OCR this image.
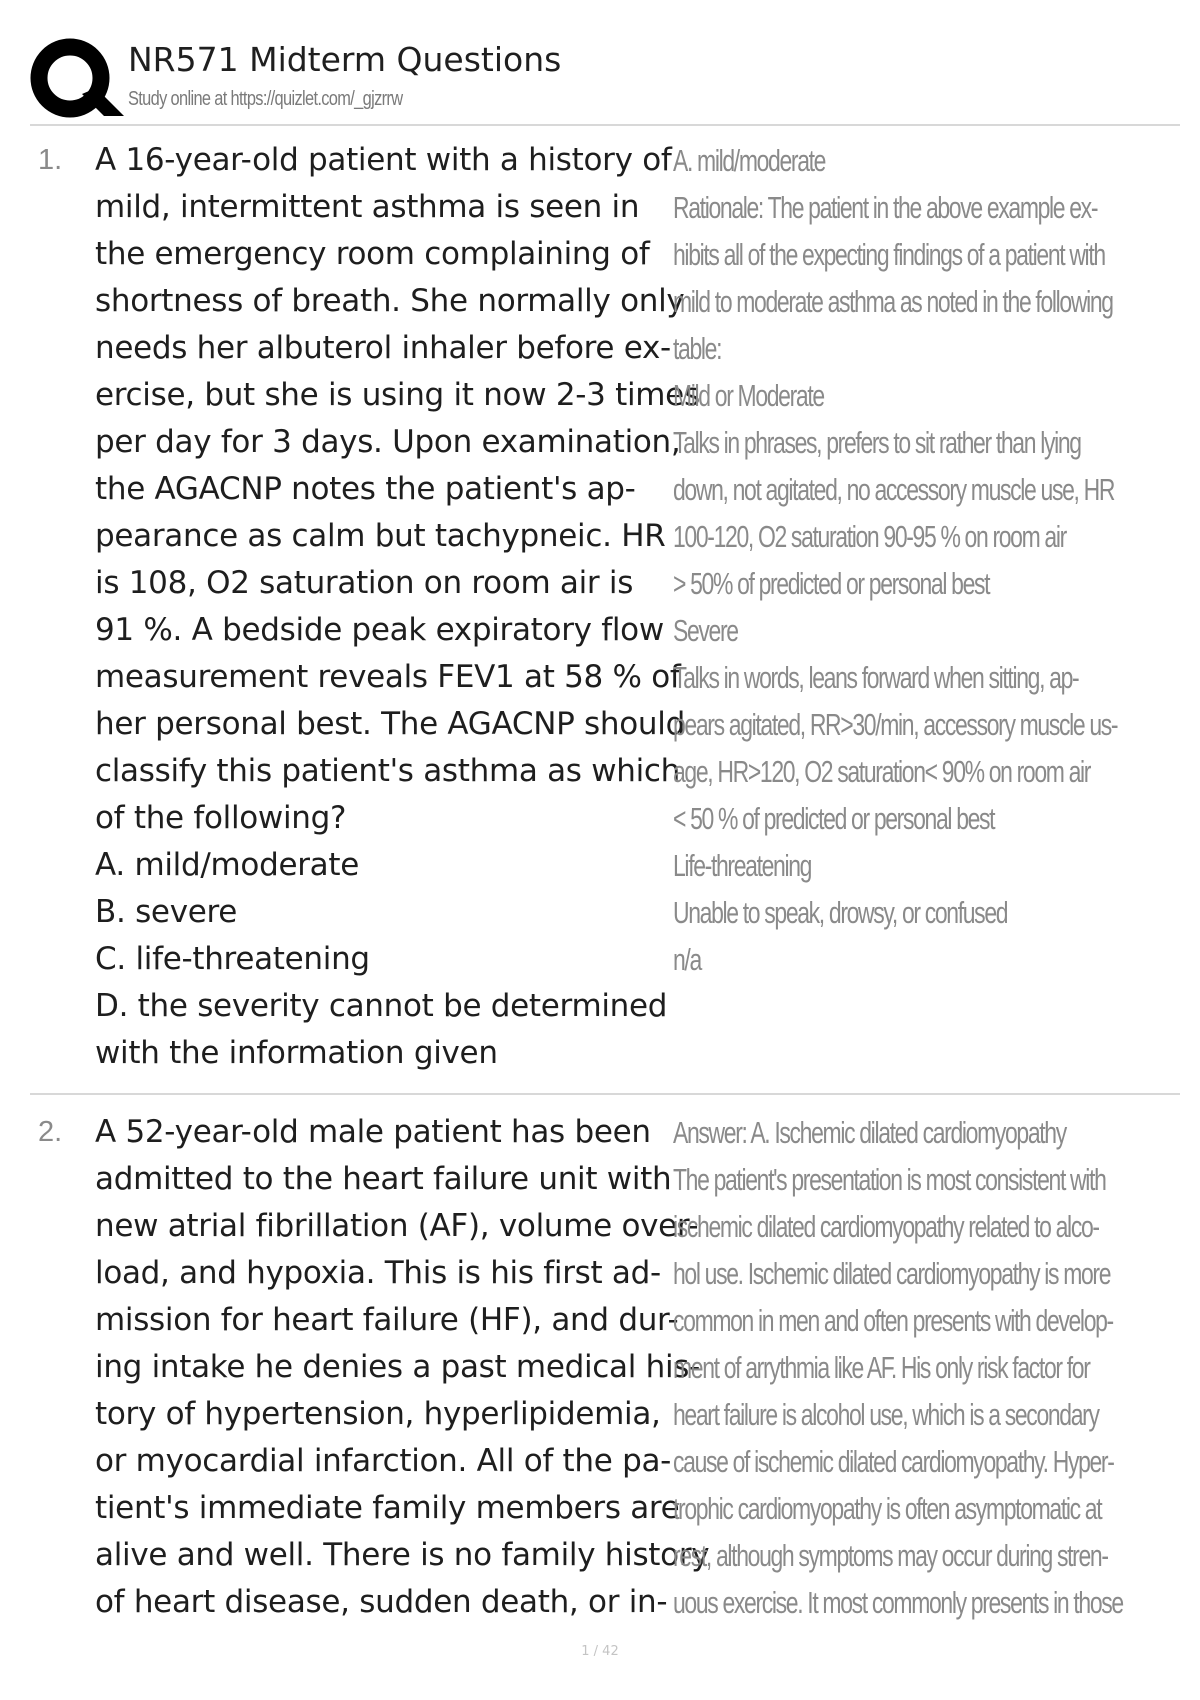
NR571 Midterm Questions
Study online at https://quizlet.com/_gjzrrw
1.	A 16-year-old patient with a history of
mild, intermittent asthma is seen in
the emergency room complaining of
shortness of breath. She normally only
needs her albuterol inhaler before ex-
ercise, but she is using it now 2-3 times
per day for 3 days. Upon examination,
the AGACNP notes the patient's ap-
pearance as calm but tachypneic. HR
is 108, O2 saturation on room air is
91 %. A bedside peak expiratory flow
measurement reveals FEV1 at 58 % of
her personal best. The AGACNP should
classify this patient's asthma as which
of the following?
A. mild/moderate
B. severe
C. life-threatening
D. the severity cannot be determined
with the information given
A. mild/moderate
Rationale: The patient in the above example ex-
hibits all of the expecting findings of a patient with
mild to moderate asthma as noted in the following
table:
Mild or Moderate
Talks in phrases, prefers to sit rather than lying
down, not agitated, no accessory muscle use, HR
100-120, O2 saturation 90-95 % on room air
> 50% of predicted or personal best
Severe
Talks in words, leans forward when sitting, ap-
pears agitated, RR>30/min, accessory muscle us-
age, HR>120, O2 saturation< 90% on room air
< 50 % of predicted or personal best
Life-threatening
Unable to speak, drowsy, or confused
n/a
2.	A 52-year-old male patient has been
admitted to the heart failure unit with
new atrial fibrillation (AF), volume over-
load, and hypoxia. This is his first ad-
mission for heart failure (HF), and dur-
ing intake he denies a past medical his-
tory of hypertension, hyperlipidemia,
or myocardial infarction. All of the pa-
tient's immediate family members are
alive and well. There is no family history
of heart disease, sudden death, or in-
Answer: A. Ischemic dilated cardiomyopathy
The patient's presentation is most consistent with
ischemic dilated cardiomyopathy related to alco-
hol use. Ischemic dilated cardiomyopathy is more
common in men and often presents with develop-
ment of arrythmia like AF. His only risk factor for
heart failure is alcohol use, which is a secondary
cause of ischemic dilated cardiomyopathy. Hyper-
trophic cardiomyopathy is often asymptomatic at
rest, although symptoms may occur during stren-
uous exercise. It most commonly presents in those
1 / 42
